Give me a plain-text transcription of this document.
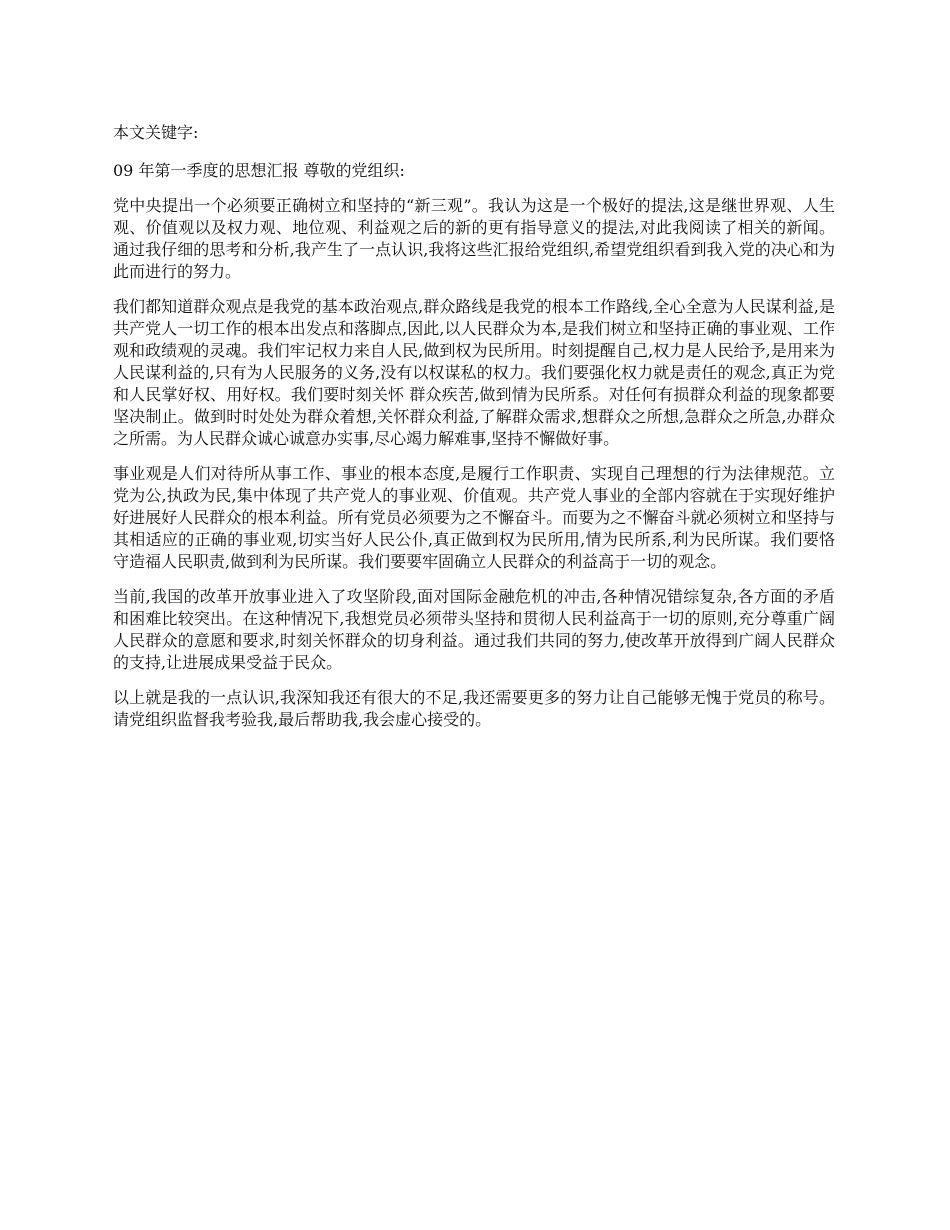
本文关键字:

09 年第一季度的思想汇报 尊敬的党组织:

党中央提出一个必须要正确树立和坚持的“新三观”。我认为这是一个极好的提法,这是继世界观、人生观、价值观以及权力观、地位观、利益观之后的新的更有指导意义的提法,对此我阅读了相关的新闻。通过我仔细的思考和分析,我产生了一点认识,我将这些汇报给党组织,希望党组织看到我入党的决心和为此而进行的努力。

我们都知道群众观点是我党的基本政治观点,群众路线是我党的根本工作路线,全心全意为人民谋利益,是共产党人一切工作的根本出发点和落脚点,因此,以人民群众为本,是我们树立和坚持正确的事业观、工作观和政绩观的灵魂。我们牢记权力来自人民,做到权为民所用。时刻提醒自己,权力是人民给予,是用来为人民谋利益的,只有为人民服务的义务,没有以权谋私的权力。我们要强化权力就是责任的观念,真正为党和人民掌好权、用好权。我们要时刻关怀 群众疾苦,做到情为民所系。对任何有损群众利益的现象都要坚决制止。做到时时处处为群众着想,关怀群众利益,了解群众需求,想群众之所想,急群众之所急,办群众之所需。为人民群众诚心诚意办实事,尽心竭力解难事,坚持不懈做好事。

事业观是人们对待所从事工作、事业的根本态度,是履行工作职责、实现自己理想的行为法律规范。立党为公,执政为民,集中体现了共产党人的事业观、价值观。共产党人事业的全部内容就在于实现好维护好进展好人民群众的根本利益。所有党员必须要为之不懈奋斗。而要为之不懈奋斗就必须树立和坚持与其相适应的正确的事业观,切实当好人民公仆,真正做到权为民所用,情为民所系,利为民所谋。我们要恪守造福人民职责,做到利为民所谋。我们要要牢固确立人民群众的利益高于一切的观念。

当前,我国的改革开放事业进入了攻坚阶段,面对国际金融危机的冲击,各种情况错综复杂,各方面的矛盾和困难比较突出。在这种情况下,我想党员必须带头坚持和贯彻人民利益高于一切的原则,充分尊重广阔人民群众的意愿和要求,时刻关怀群众的切身利益。通过我们共同的努力,使改革开放得到广阔人民群众的支持,让进展成果受益于民众。

以上就是我的一点认识,我深知我还有很大的不足,我还需要更多的努力让自己能够无愧于党员的称号。请党组织监督我考验我,最后帮助我,我会虚心接受的。
